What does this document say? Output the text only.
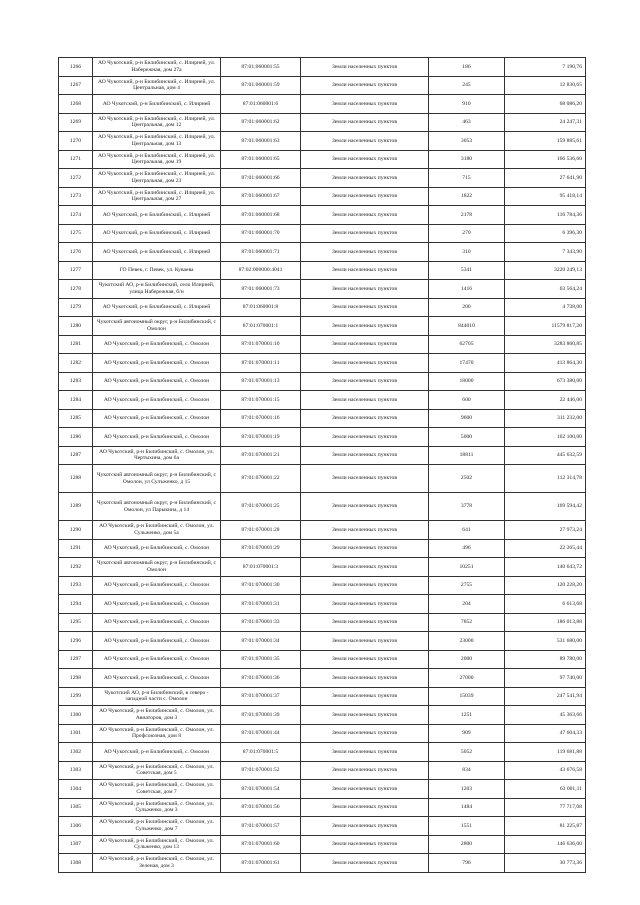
1266	АО Чукотский, р-н Билибинский, с. Илирней, ул. Набережная, дом 27а	87:01:060001:55	Земли населенных пунктов	186	7 190,76
1267	АО Чукотский, р-н Билибинский, с. Илирней, ул. Центральная, дом 4	87:01:060001:59	Земли населенных пунктов	245	12 830,65
1268	АО Чукотский, р-н Билибинский, с. Илирней	87:01:060001:6	Земли населенных пунктов	910	68 086,20
1269	АО Чукотский, р-н Билибинский, с. Илирней, ул. Центральная, дом 12	87:01:060001:62	Земли населенных пунктов	463	24 247,31
1270	АО Чукотский, р-н Билибинский, с. Илирней, ул. Центральная, дом 13	87:01:060001:63	Земли населенных пунктов	3053	159 885,61
1271	АО Чукотский, р-н Билибинский, с. Илирней, ул. Центральная, дом 19	87:01:060001:65	Земли населенных пунктов	3180	166 536,60
1272	АО Чукотский, р-н Билибинский, с. Илирней, ул. Центральная, дом 23	87:01:060001:66	Земли населенных пунктов	715	27 641,90
1273	АО Чукотский, р-н Билибинский, с. Илирней, ул. Центральная, дом 27	87:01:060001:67	Земли населенных пунктов	1822	95 418,14
1274	АО Чукотский, р-н Билибинский, с. Илирней	87:01:060001:68	Земли населенных пунктов	2178	116 784,36
1275	АО Чукотский, р-н Билибинский, с. Илирней	87:01:060001:70	Земли населенных пунктов	270	6 396,30
1276	АО Чукотский, р-н Билибинский, с. Илирней	87:01:060001:71	Земли населенных пунктов	310	7 343,90
1277	ГО Певек, г. Певек, ул. Куваева	87:02:000000:4041	Земли населенных пунктов	5341	3220 249,13
1278	Чукотский АО, р-н Билибинский, село Илирней, улица Набережная, б/н	87:01:060001:73	Земли населенных пунктов	1416	63 564,24
1279	АО Чукотский, р-н Билибинский, с. Илирней	87:01:060001:8	Земли населенных пунктов	200	4 738,00
1280	Чукотский автономный округ, р-н Билибинский, с Омолон	87:01:070001:1	Земли населенных пунктов	844010	11579 817,20
1281	АО Чукотский, р-н Билибинский, с. Омолон	87:01:070001:10	Земли населенных пунктов	62705	3283 860,85
1282	АО Чукотский, р-н Билибинский, с. Омолон	87:01:070001:11	Земли населенных пунктов	17470	413 864,30
1283	АО Чукотский, р-н Билибинский, с. Омолон	87:01:070001:13	Земли населенных пунктов	18000	673 380,00
1284	АО Чукотский, р-н Билибинский, с. Омолон	87:01:070001:15	Земли населенных пунктов	600	22 446,00
1285	АО Чукотский, р-н Билибинский, с. Омолон	87:01:070001:16	Земли населенных пунктов	9600	311 232,00
1286	АО Чукотский, р-н Билибинский, с. Омолон	87:01:070001:19	Земли населенных пунктов	5000	162 100,00
1287	АО Чукотский, р-н Билибинский, с. Омолон, ул. Чертыхина, дом 6а	87:01:070001:21	Земли населенных пунктов	18811	445 632,59
1288	Чукотский автономный округ, р-н Билибинский, с Омолон, ул Сулъженко, д 15	87:01:070001:22	Земли населенных пунктов	2502	112 314,78
1289	Чукотский автономный округ, р-н Билибинский, с Омолон, ул Парыкина, д 14	87:01:070001:25	Земли населенных пунктов	3778	169 594,42
1290	АО Чукотский, р-н Билибинский, с. Омолон, ул. Сульженко, дом 5а	87:01:070001:28	Земли населенных пунктов	641	27 973,24
1291	АО Чукотский, р-н Билибинский, с. Омолон	87:01:070001:29	Земли населенных пунктов	496	22 265,44
1292	Чукотский автономный округ, р-н Билибинский, с Омолон	87:01:070001:3	Земли населенных пунктов	10251	140 643,72
1293	АО Чукотский, р-н Билибинский, с. Омолон	87:01:070001:30	Земли населенных пунктов	2755	120 228,20
1294	АО Чукотский, р-н Билибинский, с. Омолон	87:01:070001:31	Земли населенных пунктов	204	6 613,68
1295	АО Чукотский, р-н Билибинский, с. Омолон	87:01:070001:33	Земли населенных пунктов	7852	186 013,88
1296	АО Чукотский, р-н Билибинский, с. Омолон	87:01:070001:34	Земли населенных пунктов	23000	531 680,00
1297	АО Чукотский, р-н Билибинский, с. Омолон	87:01:070001:35	Земли населенных пунктов	2000	89 780,00
1298	АО Чукотский, р-н Билибинский, с. Омолон	87:01:070001:36	Земли населенных пунктов	27000	97 740,00
1299	Чукотский АО, р-н Билибинский, в северо - западной части с. Омолон	87:01:070001:37	Земли населенных пунктов	15039	247 541,94
1300	АО Чукотский, р-н Билибинский, с. Омолон, ул. Авиаторов, дом 3	87:01:070001:39	Земли населенных пунктов	1251	45 363,66
1301	АО Чукотский, р-н Билибинский, с. Омолон, ул. Профсоюзная, дом 8	87:01:070001:44	Земли населенных пунктов	909	47 604,33
1302	АО Чукотский, р-н Билибинский, с. Омолон	87:01:070001:5	Земли населенных пунктов	5052	119 681,88
1303	АО Чукотский, р-н Билибинский, с. Омолон, ул. Советская, дом 5	87:01:070001:52	Земли населенных пунктов	834	43 676,58
1304	АО Чукотский, р-н Билибинский, с. Омолон, ул. Советская, дом 7	87:01:070001:54	Земли населенных пунктов	1203	63 001,11
1305	АО Чукотский, р-н Билибинский, с. Омолон, ул. Сульженко, дом 3	87:01:070001:56	Земли населенных пунктов	1484	77 717,08
1306	АО Чукотский, р-н Билибинский, с. Омолон, ул. Сульженко, дом 7	87:01:070001:57	Земли населенных пунктов	1551	81 225,87
1307	АО Чукотский, р-н Билибинский, с. Омолон, ул. Сульженко, дом 13	87:01:070001:60	Земли населенных пунктов	2800	146 636,00
1308	АО Чукотский, р-н Билибинский, с. Омолон, ул. Зеленая, дом 3	87:01:070001:61	Земли населенных пунктов	796	30 773,36
